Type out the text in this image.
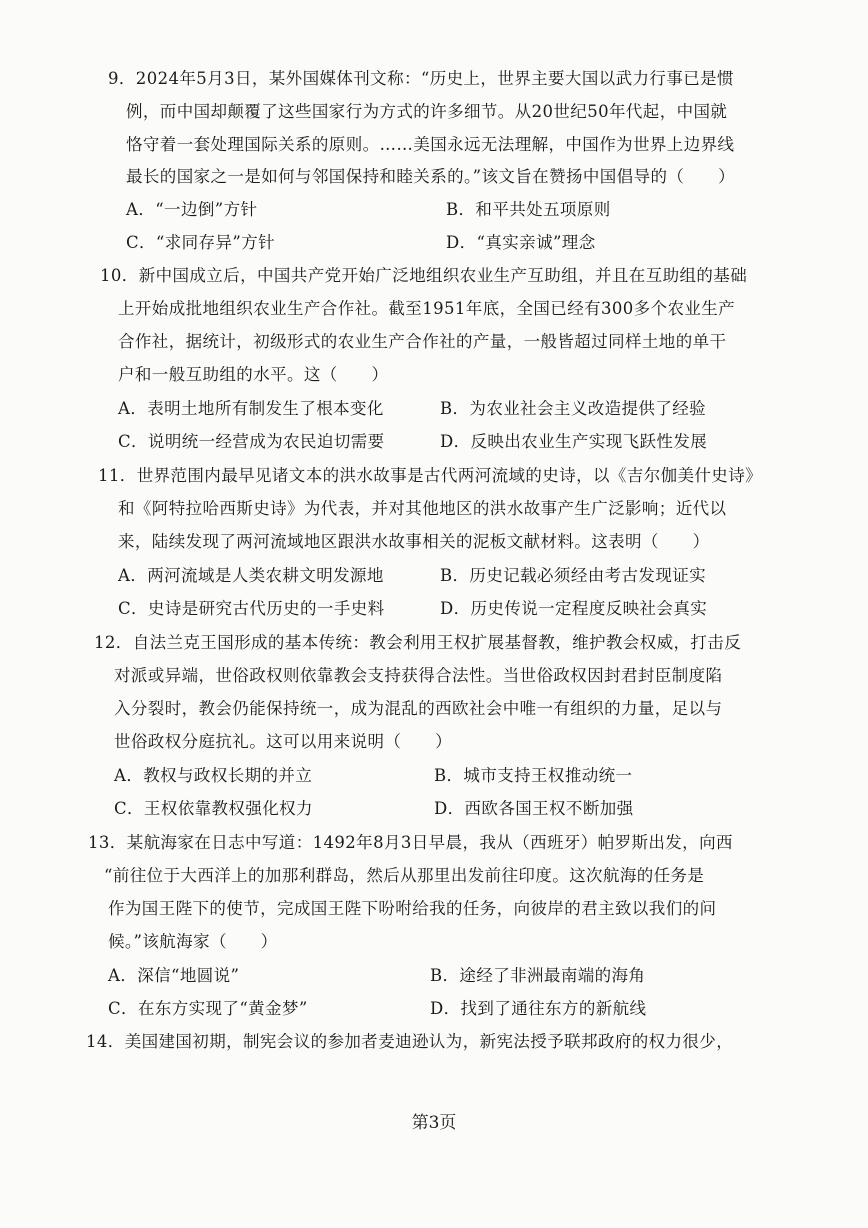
9．2024年5月3日，某外国媒体刊文称：“历史上，世界主要大国以武力行事已是惯
例，而中国却颠覆了这些国家行为方式的许多细节。从20世纪50年代起，中国就
恪守着一套处理国际关系的原则。……美国永远无法理解，中国作为世界上边界线
最长的国家之一是如何与邻国保持和睦关系的。”该文旨在赞扬中国倡导的（　　）
A．“一边倒”方针	B．和平共处五项原则
C．“求同存异”方针	D．“真实亲诚”理念
10．新中国成立后，中国共产党开始广泛地组织农业生产互助组，并且在互助组的基础
上开始成批地组织农业生产合作社。截至1951年底，全国已经有300多个农业生产
合作社，据统计，初级形式的农业生产合作社的产量，一般皆超过同样土地的单干
户和一般互助组的水平。这（　　）
A．表明土地所有制发生了根本变化	B．为农业社会主义改造提供了经验
C．说明统一经营成为农民迫切需要	D．反映出农业生产实现飞跃性发展
11．世界范围内最早见诸文本的洪水故事是古代两河流域的史诗，以《吉尔伽美什史诗》
和《阿特拉哈西斯史诗》为代表，并对其他地区的洪水故事产生广泛影响；近代以
来，陆续发现了两河流域地区跟洪水故事相关的泥板文献材料。这表明（　　）
A．两河流域是人类农耕文明发源地	B．历史记载必须经由考古发现证实
C．史诗是研究古代历史的一手史料	D．历史传说一定程度反映社会真实
12．自法兰克王国形成的基本传统：教会利用王权扩展基督教，维护教会权威，打击反
对派或异端，世俗政权则依靠教会支持获得合法性。当世俗政权因封君封臣制度陷
入分裂时，教会仍能保持统一，成为混乱的西欧社会中唯一有组织的力量，足以与
世俗政权分庭抗礼。这可以用来说明（　　）
A．教权与政权长期的并立	B．城市支持王权推动统一
C．王权依靠教权强化权力	D．西欧各国王权不断加强
13．某航海家在日志中写道：1492年8月3日早晨，我从（西班牙）帕罗斯出发，向西
“前往位于大西洋上的加那利群岛，然后从那里出发前往印度。这次航海的任务是
作为国王陛下的使节，完成国王陛下吩咐给我的任务，向彼岸的君主致以我们的问
候。”该航海家（　　）
A．深信“地圆说”	B．途经了非洲最南端的海角
C．在东方实现了“黄金梦”	D．找到了通往东方的新航线
14．美国建国初期，制宪会议的参加者麦迪逊认为，新宪法授予联邦政府的权力很少，
第3页
